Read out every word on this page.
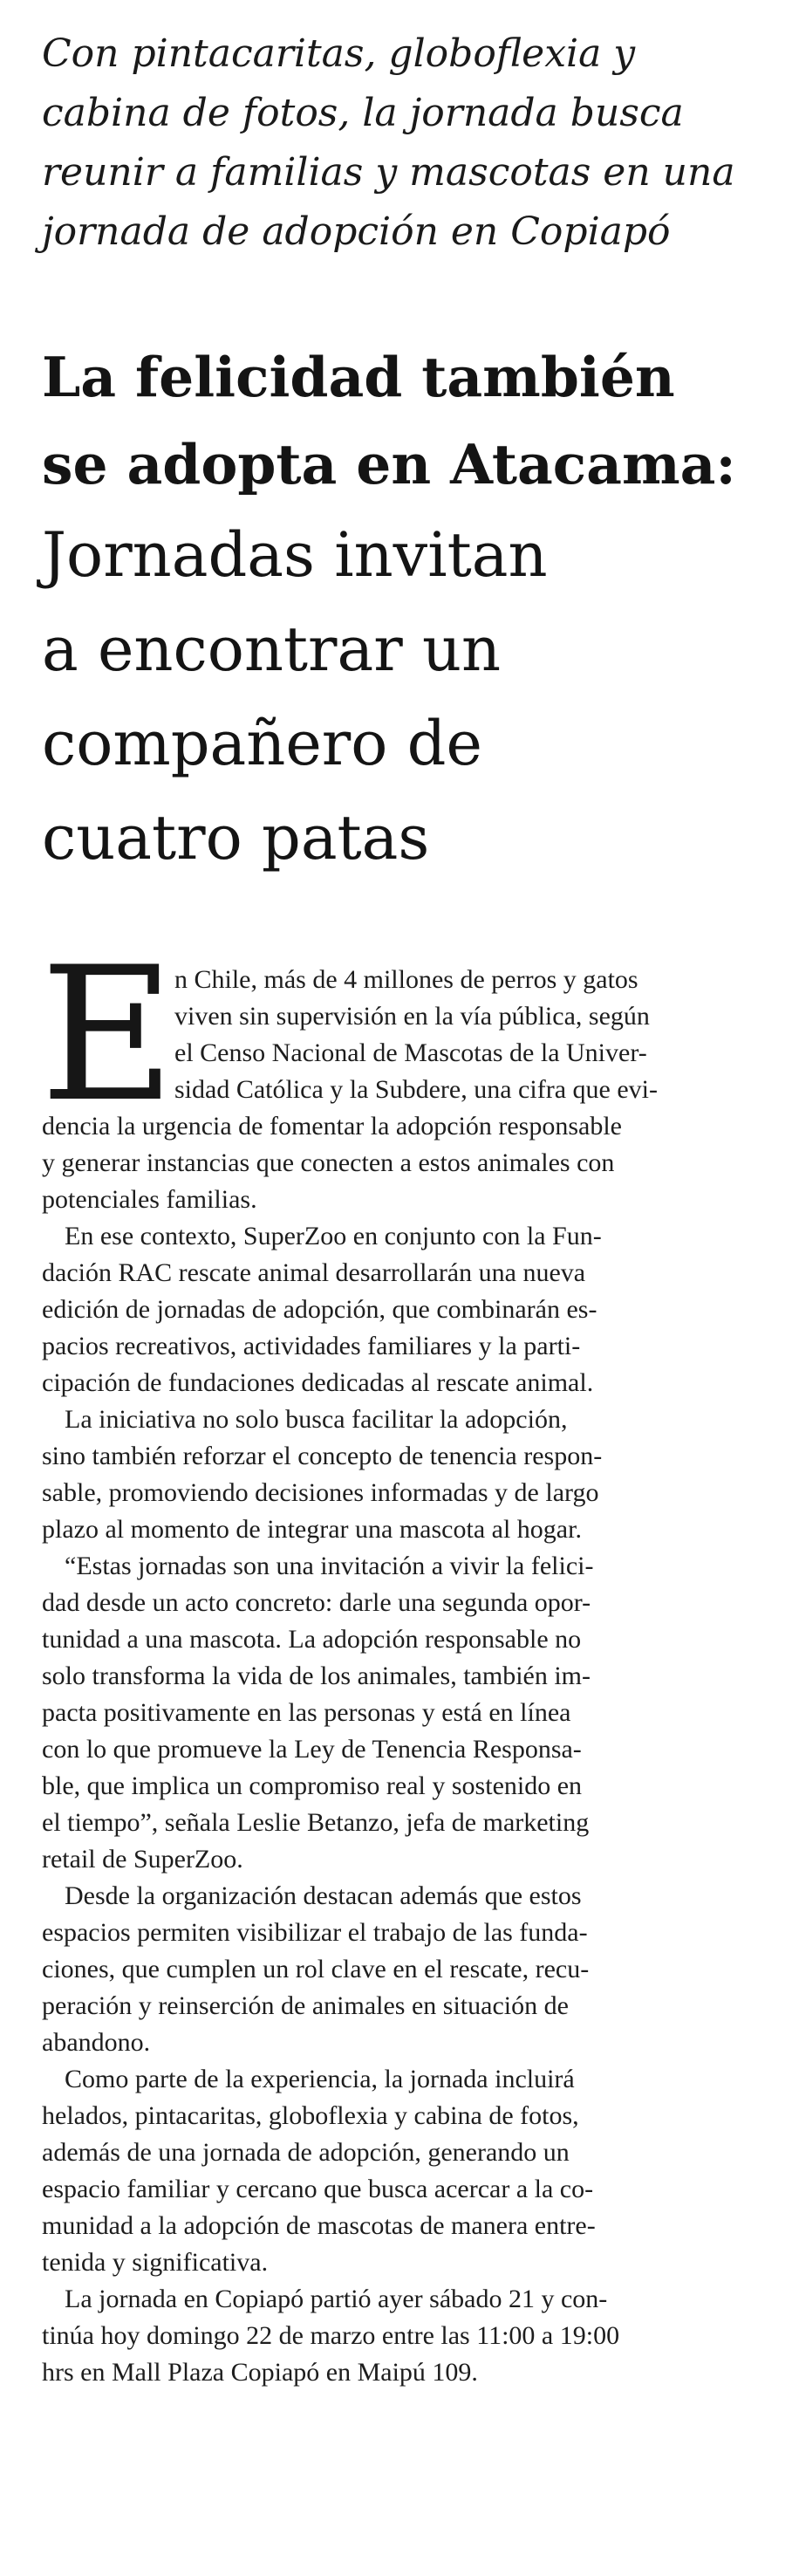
Con pintacaritas, globoflexia y
cabina de fotos, la jornada busca
reunir a familias y mascotas en una
jornada de adopción en Copiapó
La felicidad también
se adopta en Atacama:
Jornadas invitan
a encontrar un
compañero de
cuatro patas
E n Chile, más de 4 millones de perros y gatos
viven sin supervisión en la vía pública, según
el Censo Nacional de Mascotas de la Univer-
sidad Católica y la Subdere, una cifra que evi-
dencia la urgencia de fomentar la adopción responsable
y generar instancias que conecten a estos animales con
potenciales familias.
En ese contexto, SuperZoo en conjunto con la Fun-
dación RAC rescate animal desarrollarán una nueva
edición de jornadas de adopción, que combinarán es-
pacios recreativos, actividades familiares y la parti-
cipación de fundaciones dedicadas al rescate animal.
La iniciativa no solo busca facilitar la adopción,
sino también reforzar el concepto de tenencia respon-
sable, promoviendo decisiones informadas y de largo
plazo al momento de integrar una mascota al hogar.
“Estas jornadas son una invitación a vivir la felici-
dad desde un acto concreto: darle una segunda opor-
tunidad a una mascota. La adopción responsable no
solo transforma la vida de los animales, también im-
pacta positivamente en las personas y está en línea
con lo que promueve la Ley de Tenencia Responsa-
ble, que implica un compromiso real y sostenido en
el tiempo”, señala Leslie Betanzo, jefa de marketing
retail de SuperZoo.
Desde la organización destacan además que estos
espacios permiten visibilizar el trabajo de las funda-
ciones, que cumplen un rol clave en el rescate, recu-
peración y reinserción de animales en situación de
abandono.
Como parte de la experiencia, la jornada incluirá
helados, pintacaritas, globoflexia y cabina de fotos,
además de una jornada de adopción, generando un
espacio familiar y cercano que busca acercar a la co-
munidad a la adopción de mascotas de manera entre-
tenida y significativa.
La jornada en Copiapó partió ayer sábado 21 y con-
tinúa hoy domingo 22 de marzo entre las 11:00 a 19:00
hrs en Mall Plaza Copiapó en Maipú 109.
